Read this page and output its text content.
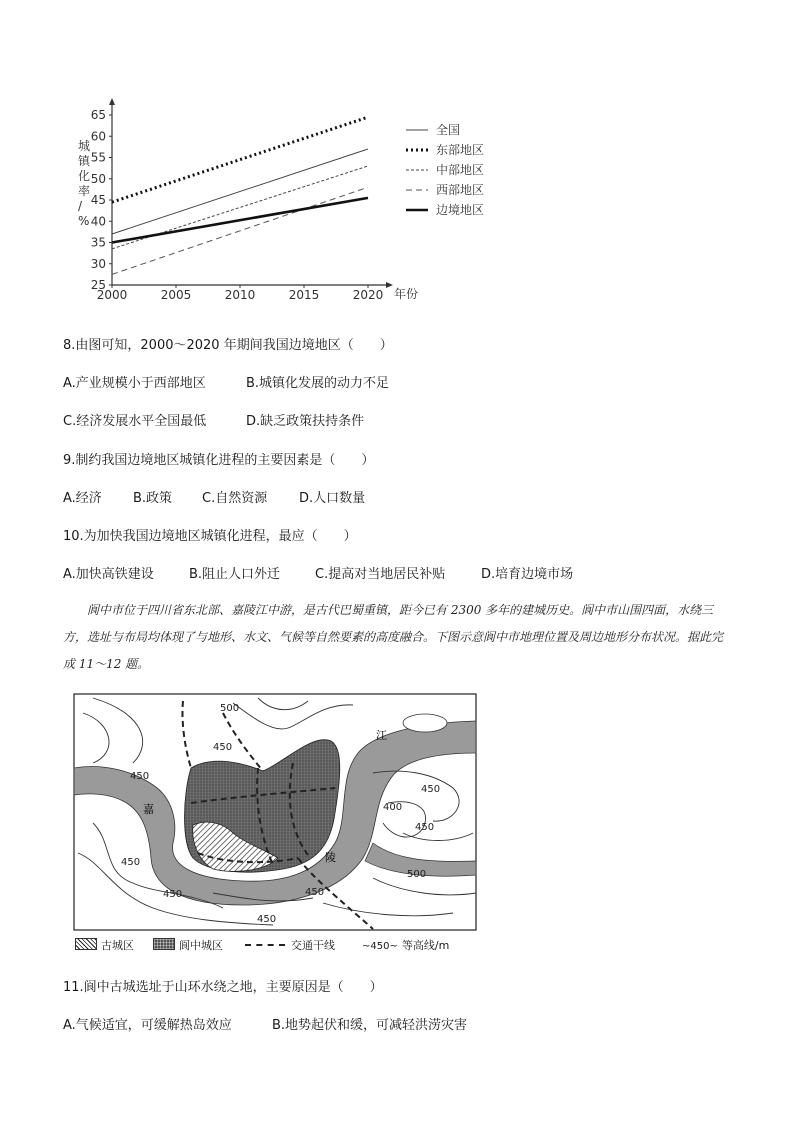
25
30
35
40
45
50
55
60
65
2000	2005	2010	2015	2020
城镇化率/ %
年份
全国
东部地区
中部地区
西部地区
边境地区
8.由图可知，2000～2020 年期间我国边境地区（　　）
A.产业规模小于西部地区	B.城镇化发展的动力不足
C.经济发展水平全国最低	D.缺乏政策扶持条件
9.制约我国边境地区城镇化进程的主要因素是（　　）
A.经济 B.政策 C.自然资源 D.人口数量
10.为加快我国边境地区城镇化进程，最应（　　）
A.加快高铁建设	B.阻止人口外迁	C.提高对当地居民补贴	D.培育边境市场
阆中市位于四川省东北部、嘉陵江中游，是古代巴蜀重镇，距今已有 2300 多年的建城历史。阆中市山围四面，水绕三方，选址与布局均体现了与地形、水文、气候等自然要素的高度融合。下图示意阆中市地理位置及周边地形分布状况。据此完成 11～12 题。
嘉
陵
江
500
450
450
450
400
450
450
500
450
450
450
古城区	阆中城区	交通干线	~450~ 等高线/m
11.阆中古城选址于山环水绕之地，主要原因是（　　）
A.气候适宜，可缓解热岛效应	B.地势起伏和缓，可减轻洪涝灾害
